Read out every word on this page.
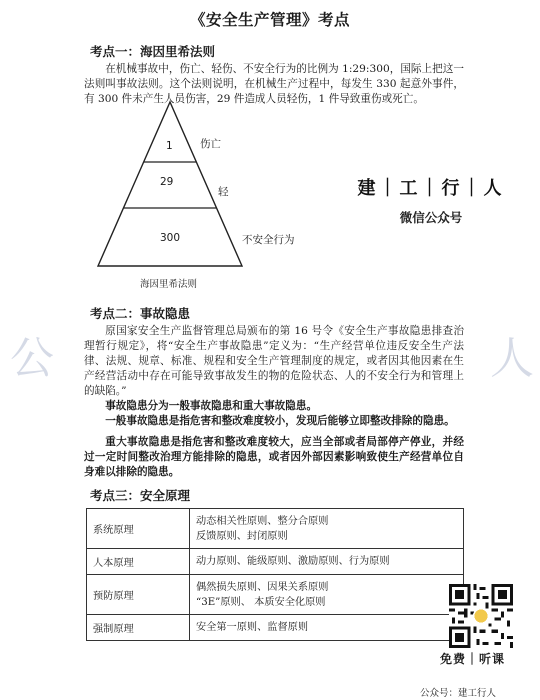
《安全生产管理》考点
考点一：海因里希法则

在机械事故中，伤亡、轻伤、不安全行为的比例为 1:29:300，国际上把这一法则叫事故法则。这个法则说明，在机械生产过程中，每发生 330 起意外事件，有 300 件未产生人员伤害，29 件造成人员轻伤，1 件导致重伤或死亡。

1	伤亡
29
轻
300	不安全行为
海因里希法则
建｜工｜行｜人
微信公众号
公	人
考点二：事故隐患

原国家安全生产监督管理总局颁布的第 16 号令《安全生产事故隐患排查治理暂行规定》，将“安全生产事故隐患”定义为：“生产经营单位违反安全生产法律、法规、规章、标准、规程和安全生产管理制度的规定，或者因其他因素在生产经营活动中存在可能导致事故发生的物的危险状态、人的不安全行为和管理上的缺陷。”

事故隐患分为一般事故隐患和重大事故隐患。

一般事故隐患是指危害和整改难度较小，发现后能够立即整改排除的隐患。

重大事故隐患是指危害和整改难度较大，应当全部或者局部停产停业，并经过一定时间整改治理方能排除的隐患，或者因外部因素影响致使生产经营单位自身难以排除的隐患。

考点三：安全原理
系统原理	动态相关性原则、整分合原则
反馈原则、封闭原则

人本原理	动力原则、能级原则、激励原则、行为原则

预防原理	偶然损失原则、因果关系原则
“3E”原则、 本质安全化原则

强制原理	安全第一原则、监督原则
免费｜听课
公众号：建工行人
